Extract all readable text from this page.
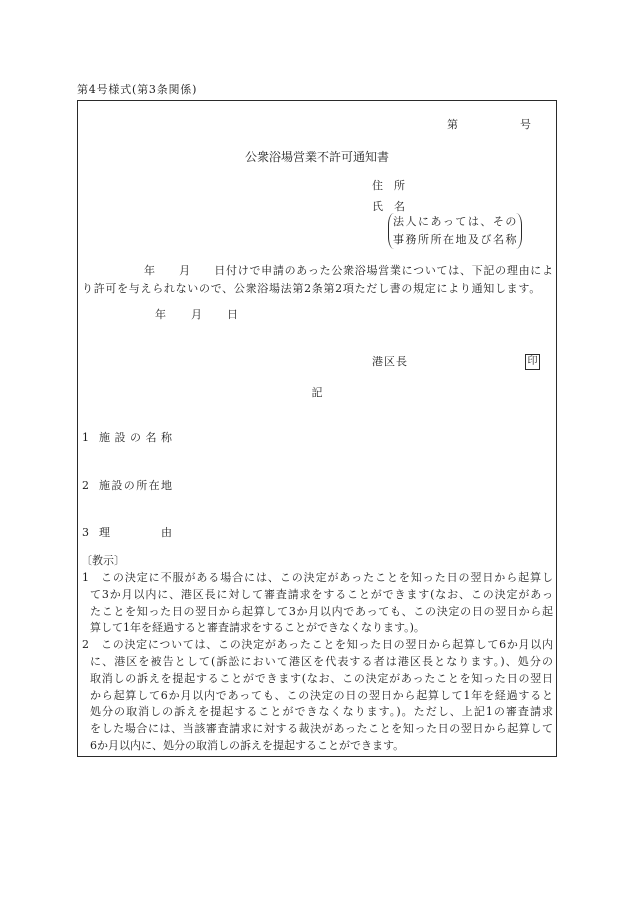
第4号様式(第3条関係)
第	号
公衆浴場営業不許可通知書
住　所
氏　名
法人にあっては、その
事務所所在地及び名称
年　　月　　日付けで申請のあった公衆浴場営業については、下記の理由によ
り許可を与えられないので、公衆浴場法第2条第2項ただし書の規定により通知します。
年　　月　　日
港区長	印
記
1 施設の名称
2 施設の所在地
3 理由
〔教示〕
1	この決定に不服がある場合には、この決定があったことを知った日の翌日から起算し
て3か月以内に、港区長に対して審査請求をすることができます(なお、この決定があっ
たことを知った日の翌日から起算して3か月以内であっても、この決定の日の翌日から起
算して1年を経過すると審査請求をすることができなくなります。)。
2	この決定については、この決定があったことを知った日の翌日から起算して6か月以内
に、港区を被告として(訴訟において港区を代表する者は港区長となります。)、処分の
取消しの訴えを提起することができます(なお、この決定があったことを知った日の翌日
から起算して6か月以内であっても、この決定の日の翌日から起算して1年を経過すると
処分の取消しの訴えを提起することができなくなります。)。ただし、上記1の審査請求
をした場合には、当該審査請求に対する裁決があったことを知った日の翌日から起算して
6か月以内に、処分の取消しの訴えを提起することができます。
